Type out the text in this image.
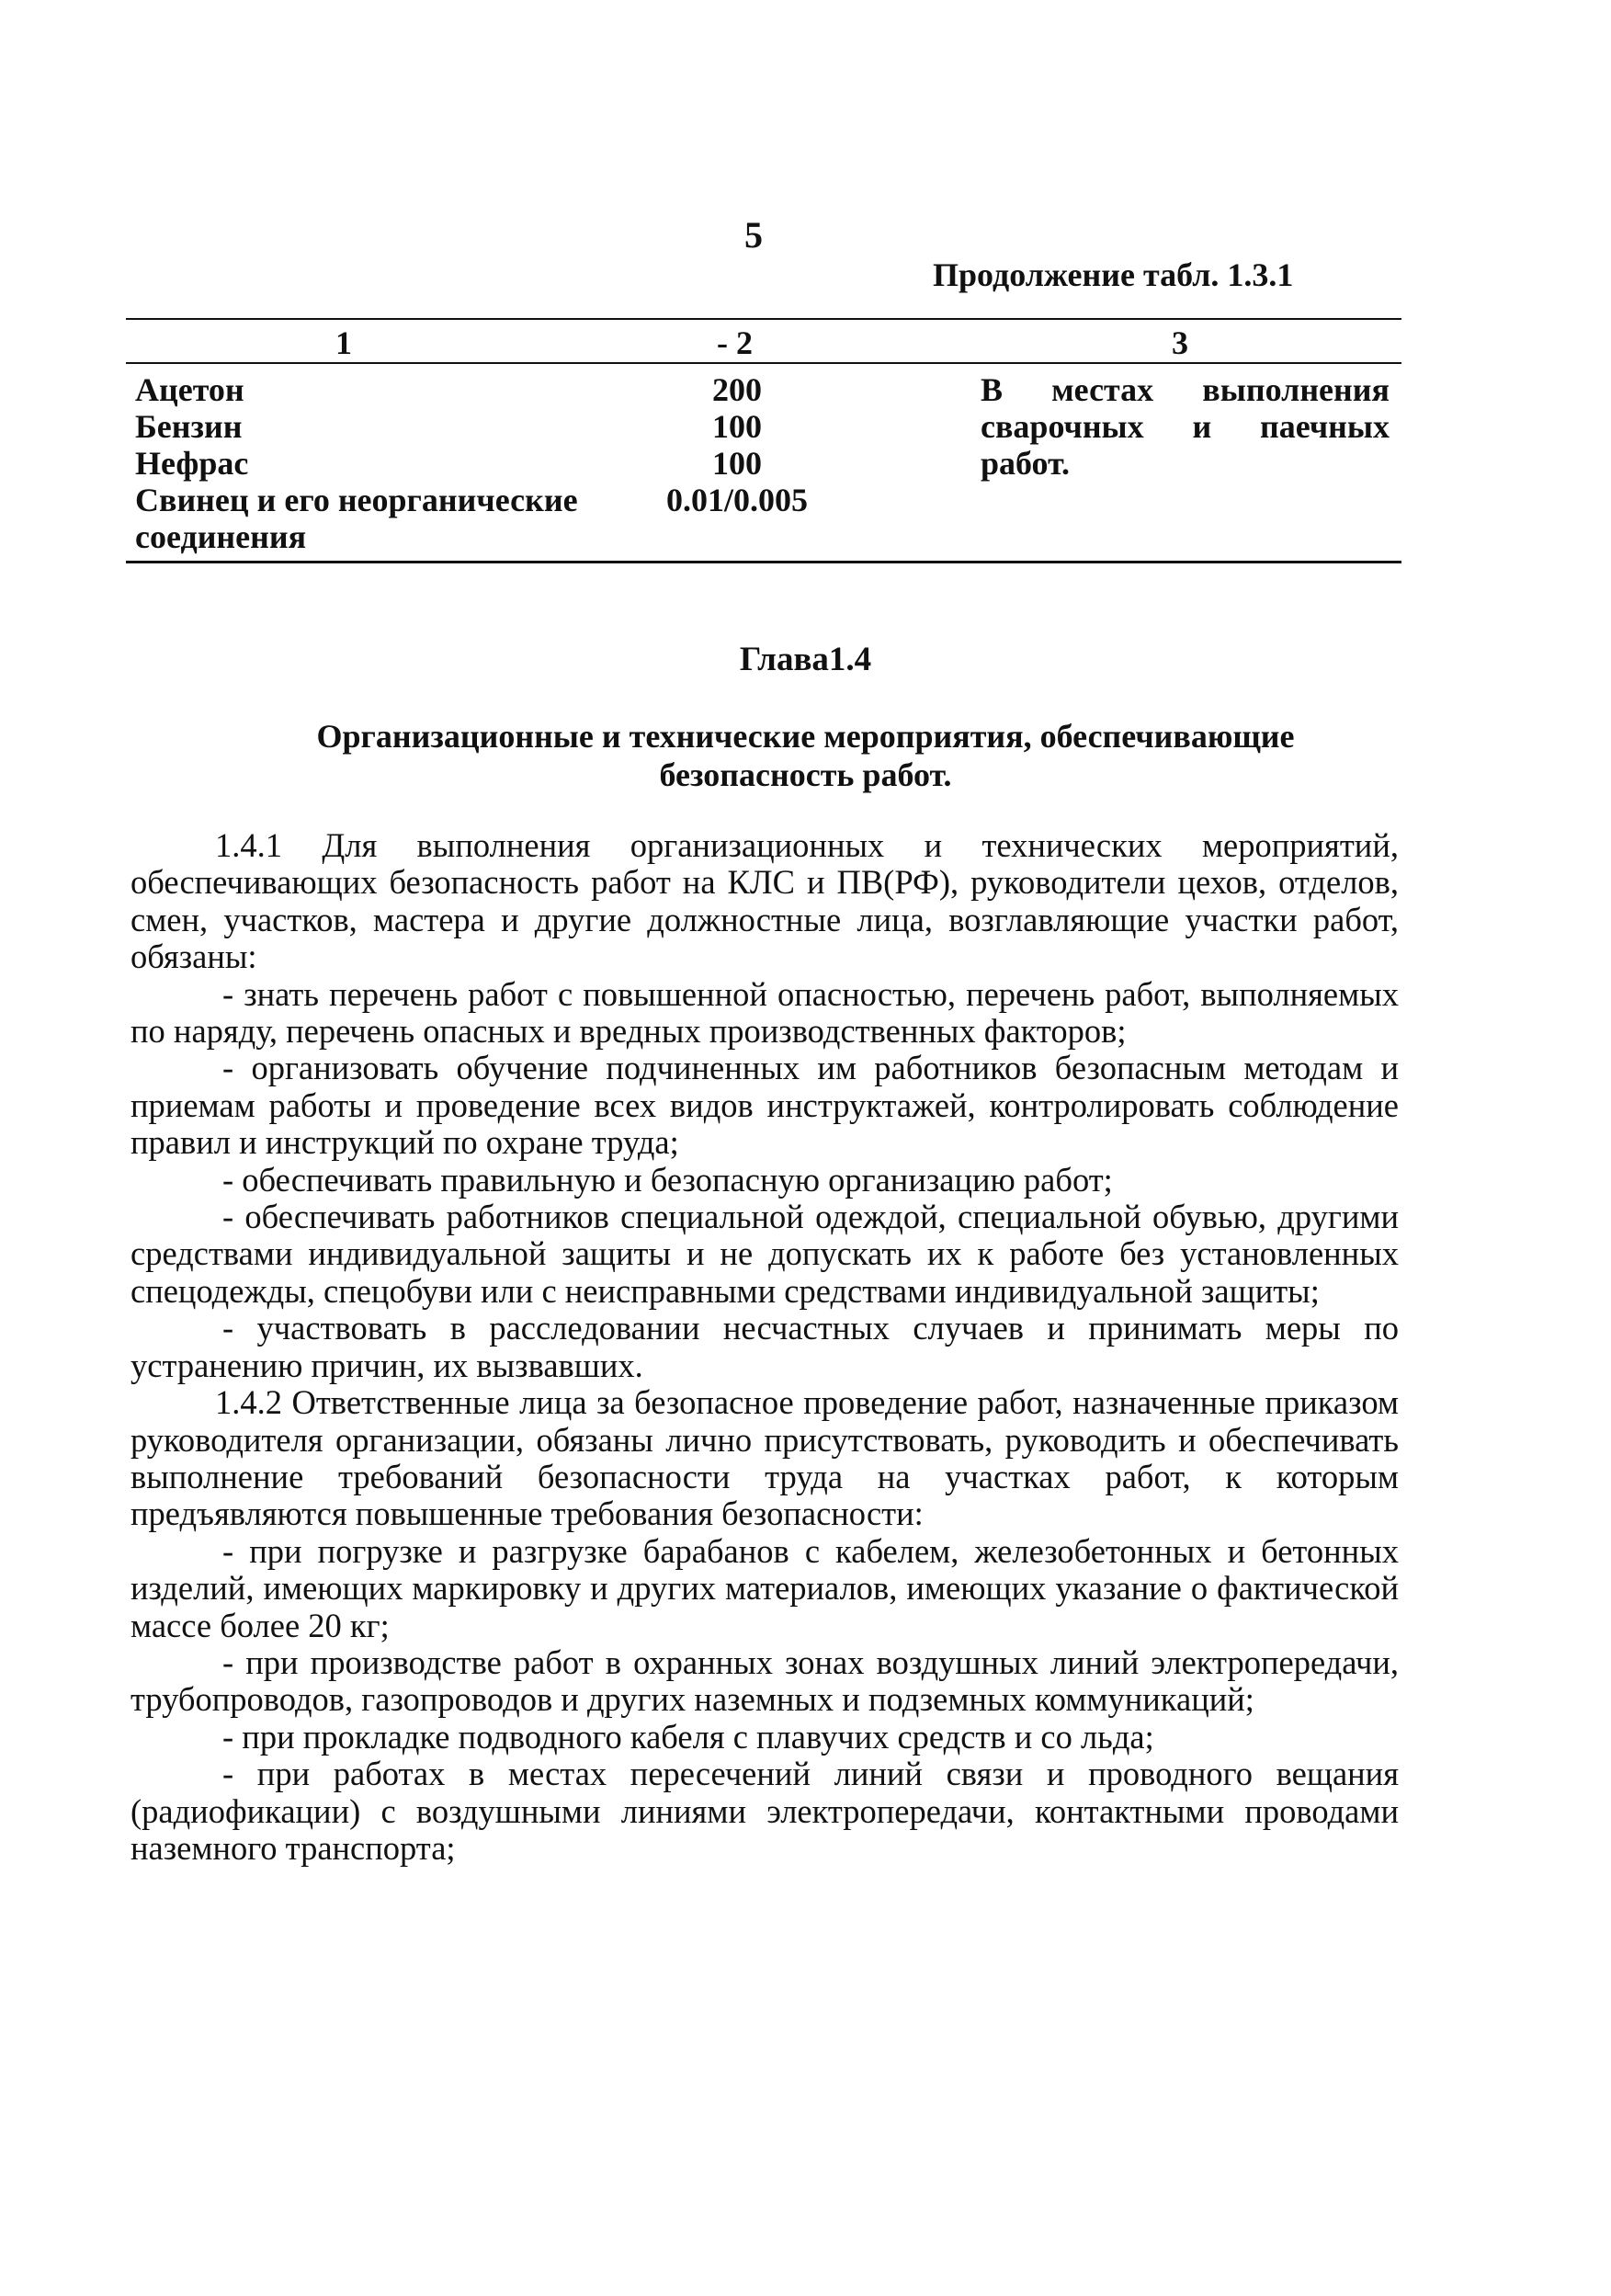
5
Продолжение табл. 1.3.1
1	- 2	3
Ацетон
Бензин
Нефрас
Свинец и его неорганические соединения
200
100
100
0.01/0.005
В местах выполнения сварочных и паечных работ.
Глава1.4
Организационные и технические мероприятия, обеспечивающие безопасность работ.

1.4.1 Для выполнения организационных и технических мероприятий, обеспечивающих безопасность работ на КЛС и ПВ(РФ), руководители цехов, отделов, смен, участков, мастера и другие должностные лица, возглавляющие участки работ, обязаны:

- знать перечень работ с повышенной опасностью, перечень работ, выполняемых по наряду, перечень опасных и вредных производственных факторов;

- организовать обучение подчиненных им работников безопасным методам и приемам работы и проведение всех видов инструктажей, контролировать соблюдение правил и инструкций по охране труда;

- обеспечивать правильную и безопасную организацию работ;

- обеспечивать работников специальной одеждой, специальной обувью, другими средствами индивидуальной защиты и не допускать их к работе без установленных спецодежды, спецобуви или с неисправными средствами индивидуальной защиты;

- участвовать в расследовании несчастных случаев и принимать меры по устранению причин, их вызвавших.

1.4.2 Ответственные лица за безопасное проведение работ, назначенные приказом руководителя организации, обязаны лично присутствовать, руководить и обеспечивать выполнение требований безопасности труда на участках работ, к которым предъявляются повышенные требования безопасности:

- при погрузке и разгрузке барабанов с кабелем, железобетонных и бетонных изделий, имеющих маркировку и других материалов, имеющих указание о фактической массе более 20 кг;

- при производстве работ в охранных зонах воздушных линий электропередачи, трубопроводов, газопроводов и других наземных и подземных коммуникаций;

- при прокладке подводного кабеля с плавучих средств и со льда;

- при работах в местах пересечений линий связи и проводного вещания (радиофикации) с воздушными линиями электропередачи, контактными проводами наземного транспорта;
